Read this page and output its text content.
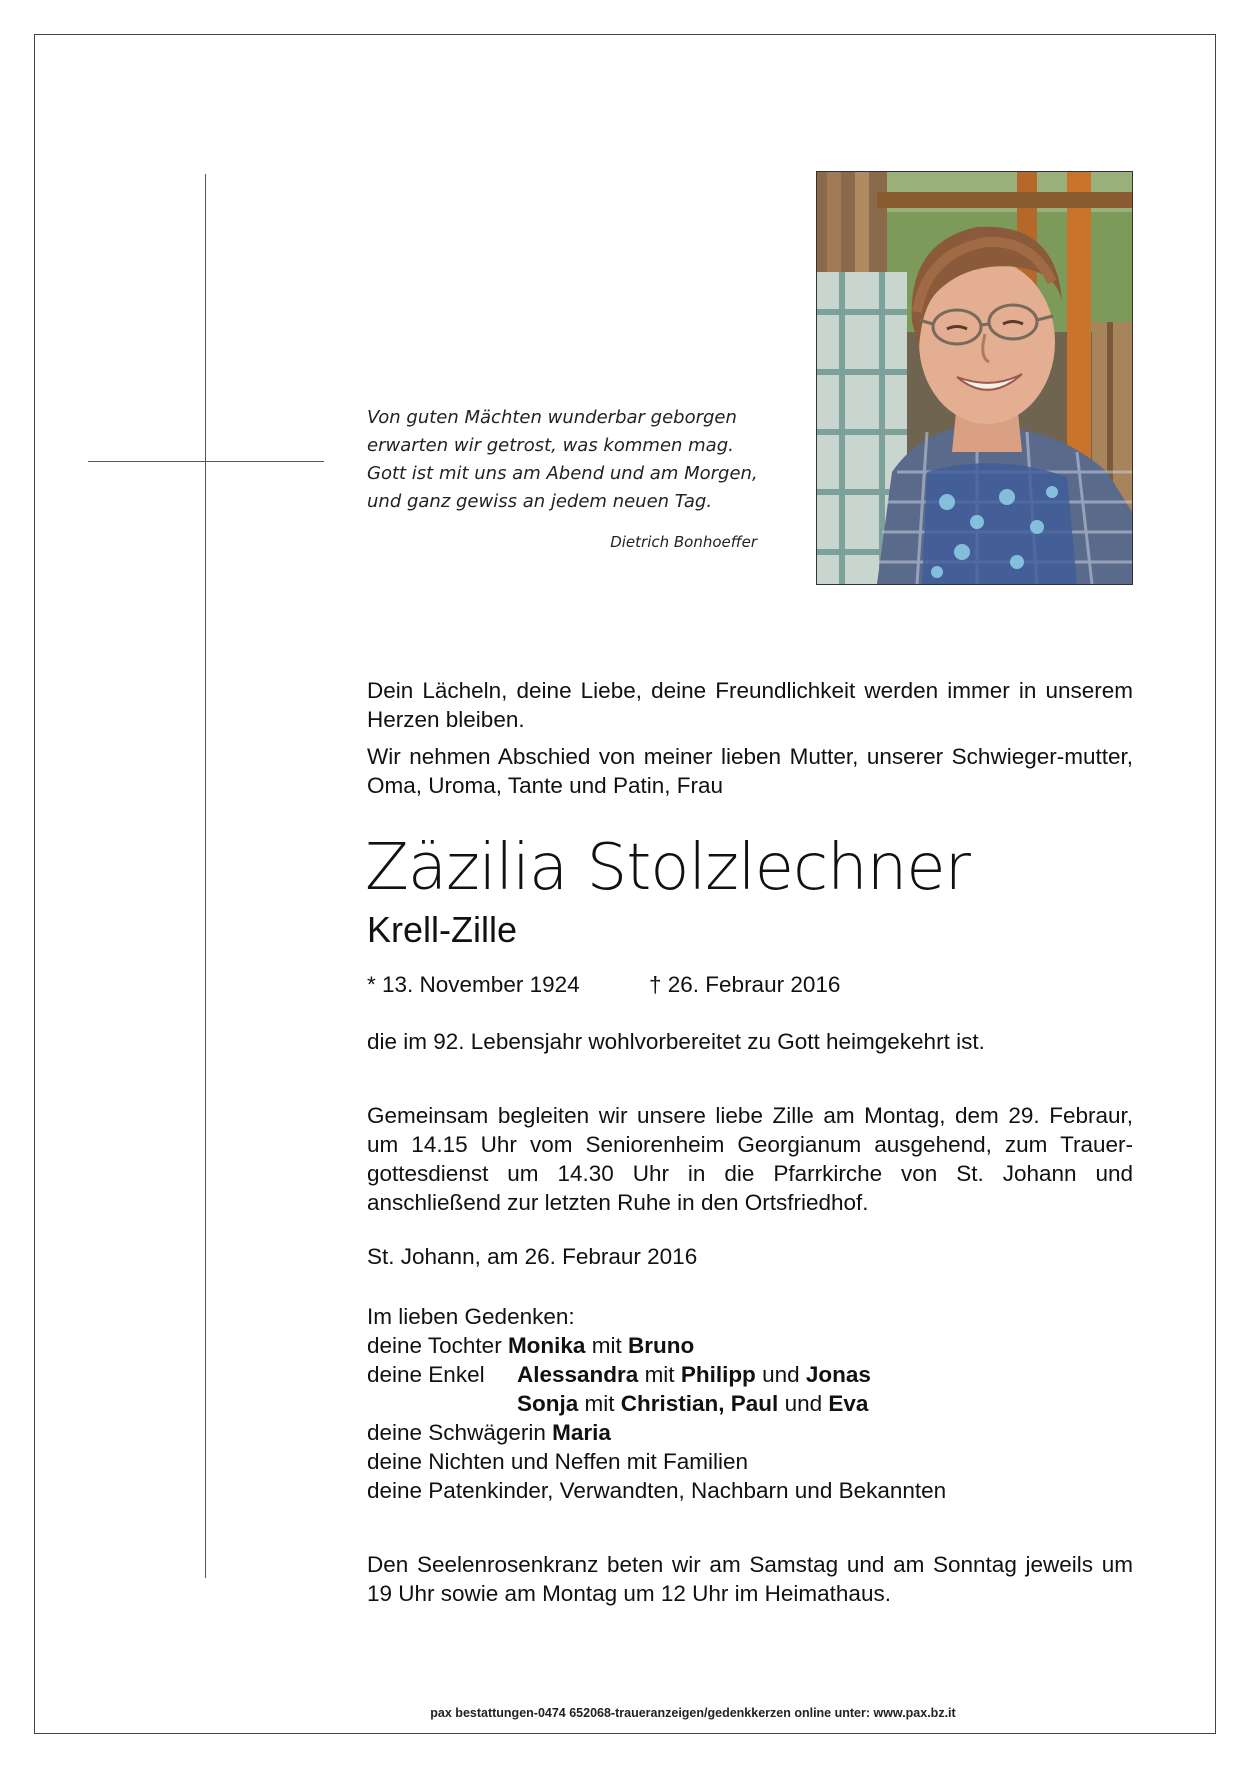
Von guten Mächten wunderbar geborgen

erwarten wir getrost, was kommen mag.

Gott ist mit uns am Abend und am Morgen,

und ganz gewiss an jedem neuen Tag.

Dietrich Bonhoeffer

Dein Lächeln, deine Liebe, deine Freundlichkeit werden immer in unserem Herzen bleiben.

Wir nehmen Abschied von meiner lieben Mutter, unserer Schwieger-mutter, Oma, Uroma, Tante und Patin, Frau

Zäzilia Stolzlechner
Krell-Zille
* 13. November 1924	† 26. Febraur 2016
die im 92. Lebensjahr wohlvorbereitet zu Gott heimgekehrt ist.
Gemeinsam begleiten wir unsere liebe Zille am Montag, dem 29. Febraur, um 14.15 Uhr vom Seniorenheim Georgianum ausgehend, zum Trauer-gottesdienst um 14.30 Uhr in die Pfarrkirche von St. Johann und anschließend zur letzten Ruhe in den Ortsfriedhof.
St. Johann, am 26. Febraur 2016
Im lieben Gedenken:
deine Tochter Monika mit Bruno
deine Enkel Alessandra mit Philipp und Jonas
Sonja mit Christian, Paul und Eva
deine Schwägerin Maria
deine Nichten und Neffen mit Familien
deine Patenkinder, Verwandten, Nachbarn und Bekannten
Den Seelenrosenkranz beten wir am Samstag und am Sonntag jeweils um 19 Uhr sowie am Montag um 12 Uhr im Heimathaus.
pax bestattungen-0474 652068-traueranzeigen/gedenkkerzen online unter: www.pax.bz.it
